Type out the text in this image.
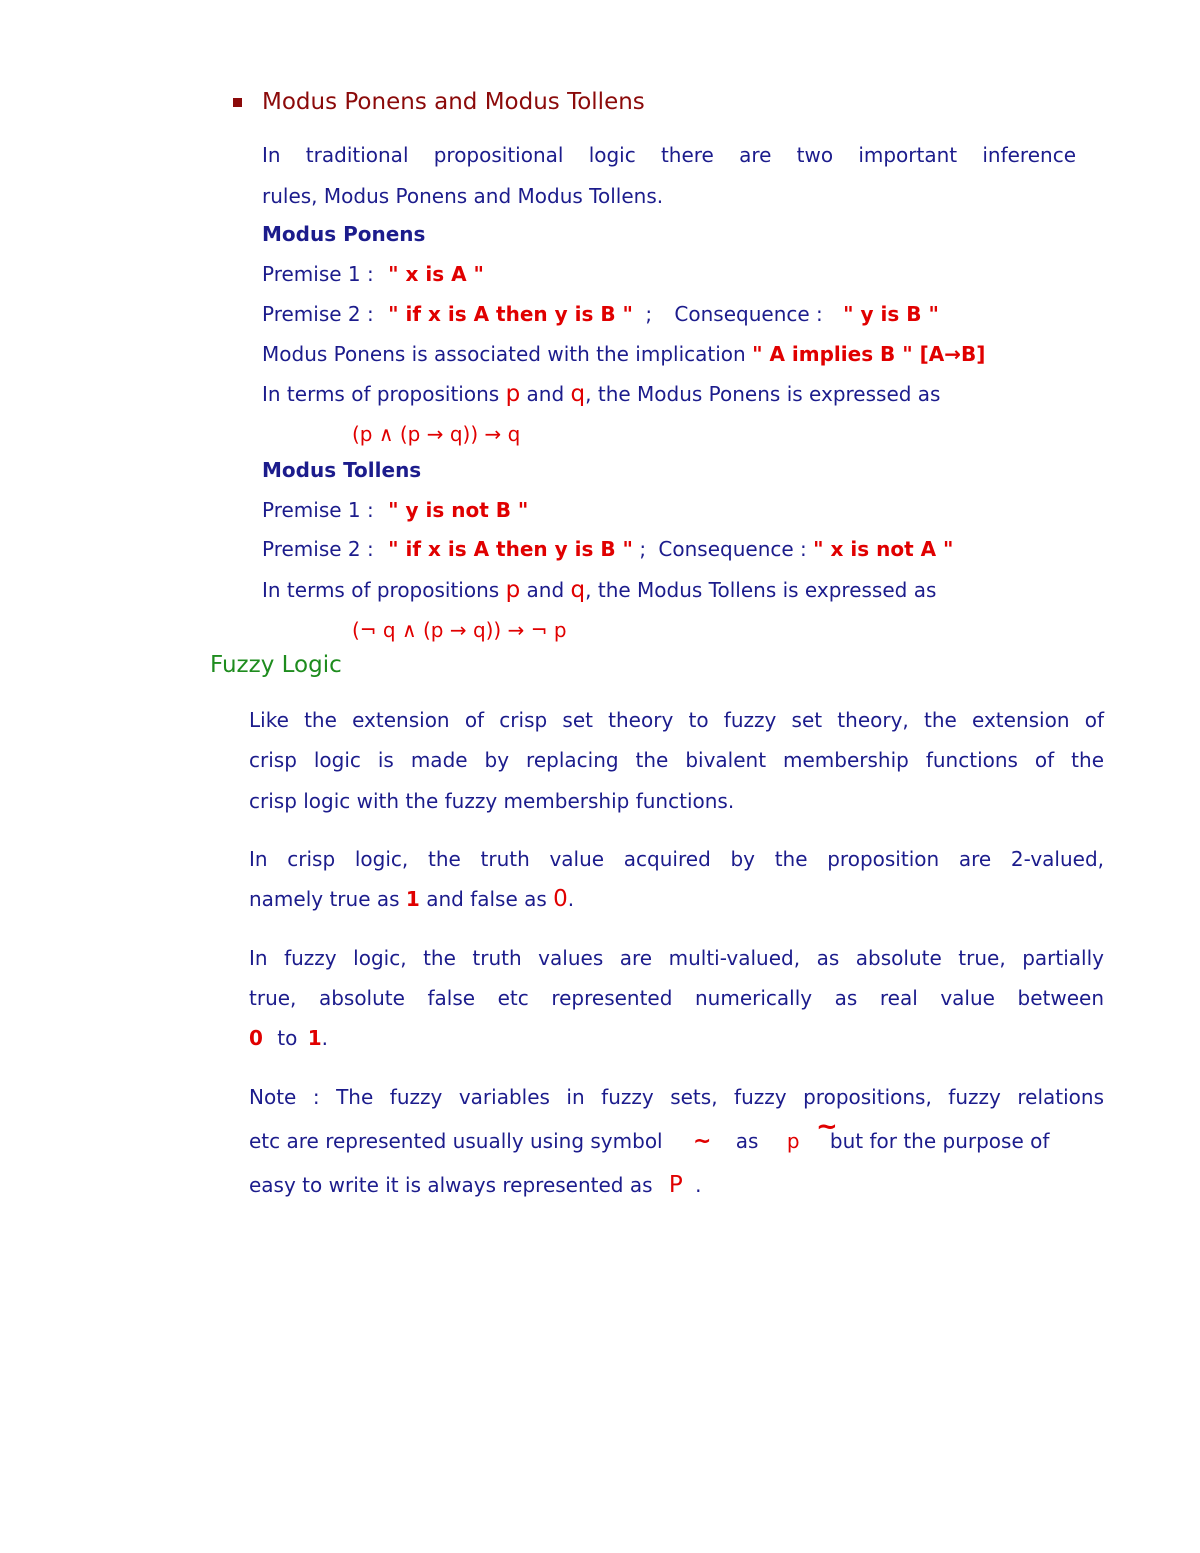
Modus Ponens and Modus Tollens
In traditional propositional logic there are two important inference
rules, Modus Ponens and Modus Tollens.
Modus Ponens
Premise 1 : " x is A "
Premise 2 : " if x is A then y is B " ; Consequence : " y is B "
Modus Ponens is associated with the implication " A implies B " [A→B]
In terms of propositions p and q, the Modus Ponens is expressed as
(p ∧ (p → q)) → q
Modus Tollens
Premise 1 : " y is not B "
Premise 2 : " if x is A then y is B " ; Consequence : " x is not A "
In terms of propositions p and q, the Modus Tollens is expressed as
(¬ q ∧ (p → q)) → ¬ p
Fuzzy Logic
Like the extension of crisp set theory to fuzzy set theory, the extension of
crisp logic is made by replacing the bivalent membership functions of the
crisp logic with the fuzzy membership functions.
In crisp logic, the truth value acquired by the proposition are 2-valued,
namely true as 1 and false as 0.
In fuzzy logic, the truth values are multi-valued, as absolute true, partially
true, absolute false etc represented numerically as real value between
0 to 1.
Note : The fuzzy variables in fuzzy sets, fuzzy propositions, fuzzy relations
~
etc are represented usually using symbol ~ as p but for the purpose of
easy to write it is always represented as P .
